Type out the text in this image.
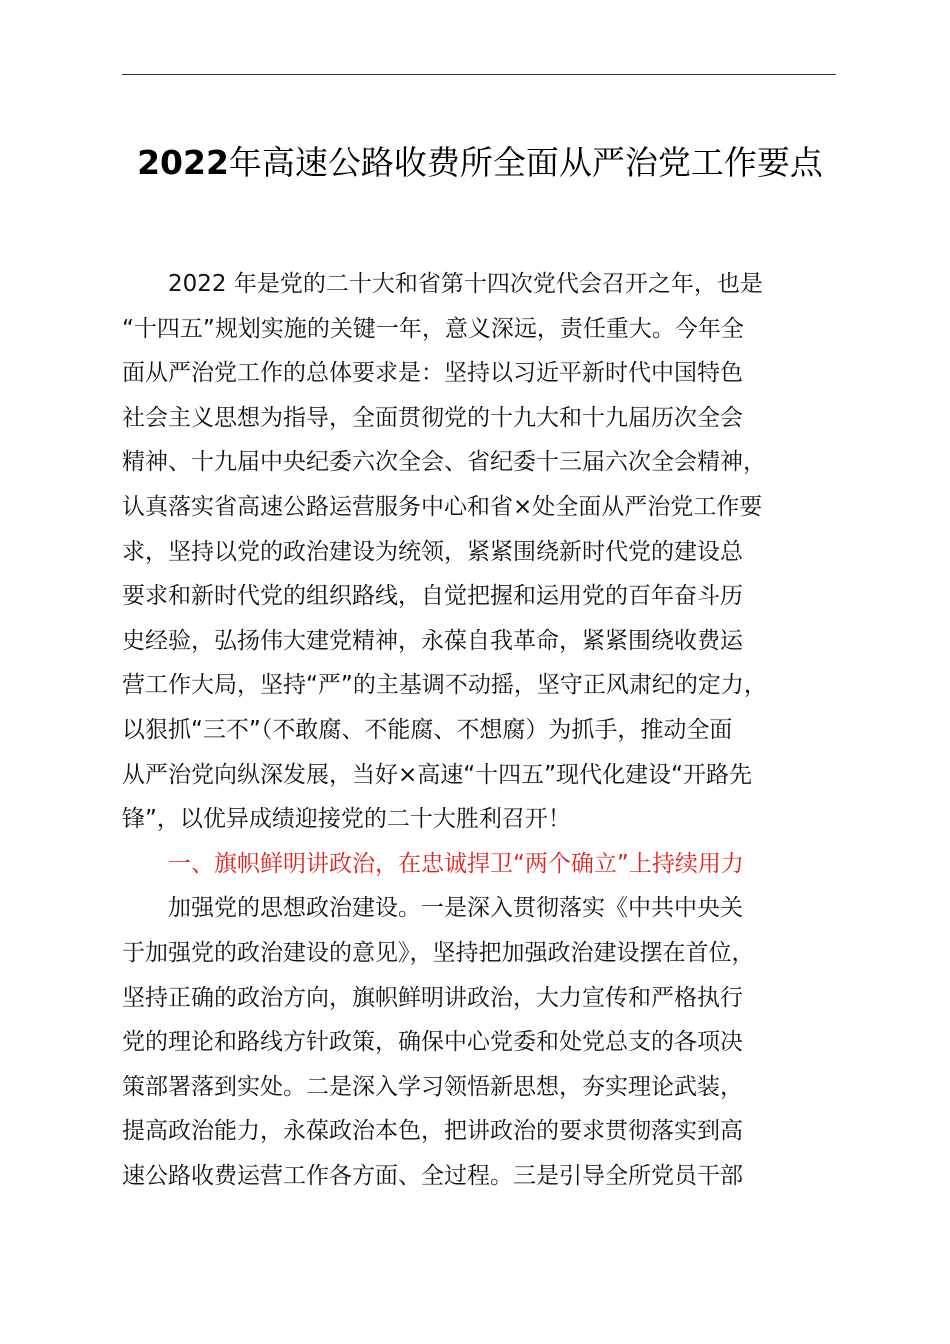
2022年高速公路收费所全面从严治党工作要点
2022 年是党的二十大和省第十四次党代会召开之年，也是
“十四五”规划实施的关键一年，意义深远，责任重大。今年全
面从严治党工作的总体要求是：坚持以习近平新时代中国特色
社会主义思想为指导，全面贯彻党的十九大和十九届历次全会
精神、十九届中央纪委六次全会、省纪委十三届六次全会精神，
认真落实省高速公路运营服务中心和省×处全面从严治党工作要
求，坚持以党的政治建设为统领，紧紧围绕新时代党的建设总
要求和新时代党的组织路线，自觉把握和运用党的百年奋斗历
史经验，弘扬伟大建党精神，永葆自我革命，紧紧围绕收费运
营工作大局，坚持“严”的主基调不动摇，坚守正风肃纪的定力，
以狠抓“三不”（不敢腐、不能腐、不想腐）为抓手，推动全面
从严治党向纵深发展，当好×高速“十四五”现代化建设“开路先
锋”，以优异成绩迎接党的二十大胜利召开！
一、旗帜鲜明讲政治，在忠诚捍卫“两个确立”上持续用力
加强党的思想政治建设。一是深入贯彻落实《中共中央关
于加强党的政治建设的意见》，坚持把加强政治建设摆在首位，
坚持正确的政治方向，旗帜鲜明讲政治，大力宣传和严格执行
党的理论和路线方针政策，确保中心党委和处党总支的各项决
策部署落到实处。二是深入学习领悟新思想，夯实理论武装，
提高政治能力，永葆政治本色，把讲政治的要求贯彻落实到高
速公路收费运营工作各方面、全过程。三是引导全所党员干部
